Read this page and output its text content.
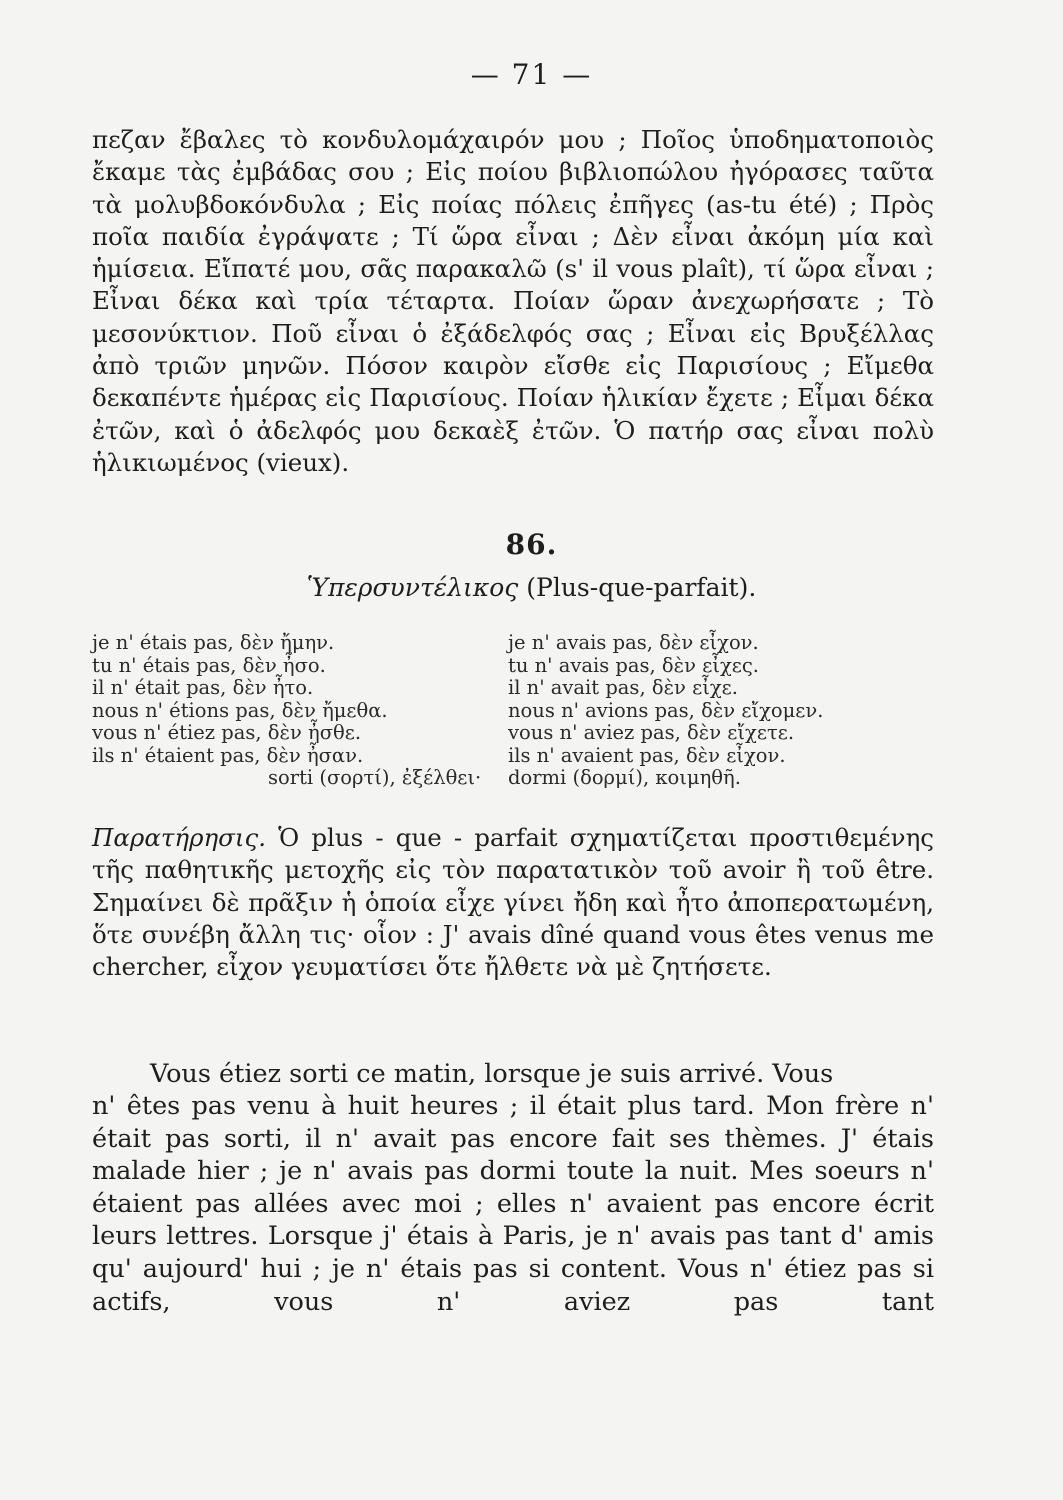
— 71 —
πεζαν ἔβαλες τὸ κονδυλομάχαιρόν μου ; Ποῖος ὑποδηματοποιὸς ἔκαμε τὰς ἐμβάδας σου ; Εἰς ποίου βιβλιοπώλου ἠγόρασες ταῦτα τὰ μολυβδοκόνδυλα ; Εἰς ποίας πόλεις ἐπῆγες (as-tu été) ; Πρὸς ποῖα παιδία ἐγράψατε ; Τί ὥρα εἶναι ; Δὲν εἶναι ἀκόμη μία καὶ ἡμίσεια. Εἴπατέ μου, σᾶς παρακαλῶ (s' il vous plaît), τί ὥρα εἶναι ; Εἶναι δέκα καὶ τρία τέταρτα. Ποίαν ὥραν ἀνεχωρήσατε ; Τὸ μεσονύκτιον. Ποῦ εἶναι ὁ ἐξάδελφός σας ; Εἶναι εἰς Βρυξέλλας ἀπὸ τριῶν μηνῶν. Πόσον καιρὸν εἴσθε εἰς Παρισίους ; Εἴμεθα δεκαπέντε ἡμέρας εἰς Παρισίους. Ποίαν ἡλικίαν ἔχετε ; Εἶμαι δέκα ἐτῶν, καὶ ὁ ἀδελφός μου δεκαὲξ ἐτῶν. Ὁ πατήρ σας εἶναι πολὺ ἡλικιωμένος (vieux).
86.
Ὑπερσυντέλικος (Plus-que-parfait).
je n' étais pas, δὲν ἤμην.
tu n' étais pas, δὲν ἦσο.
il n' était pas, δὲν ἦτο.
nous n' étions pas, δὲν ἤμεθα.
vous n' étiez pas, δὲν ἦσθε.
ils n' étaient pas, δὲν ἦσαν.
sorti (σορτί), ἐξέλθει·
je n' avais pas, δὲν εἶχον.
tu n' avais pas, δὲν εἶχες.
il n' avait pas, δὲν εἶχε.
nous n' avions pas, δὲν εἴχομεν.
vous n' aviez pas, δὲν εἴχετε.
ils n' avaient pas, δὲν εἶχον.
dormi (δορμί), κοιμηθῆ.
Παρατήρησις. Ὁ plus - que - parfait σχηματίζεται προστιθεμένης τῆς παθητικῆς μετοχῆς εἰς τὸν παρατατικὸν τοῦ avoir ἢ τοῦ être. Σημαίνει δὲ πρᾶξιν ἡ ὁποία εἶχε γίνει ἤδη καὶ ἦτο ἀποπερατωμένη, ὅτε συνέβη ἄλλη τις· οἷον : J' avais dîné quand vous êtes venus me chercher, εἶχον γευματίσει ὅτε ἤλθετε νὰ μὲ ζητήσετε.
Vous étiez sorti ce matin, lorsque je suis arrivé. Vous
n' êtes pas venu à huit heures ; il était plus tard. Mon frère n' était pas sorti, il n' avait pas encore fait ses thèmes. J' étais malade hier ; je n' avais pas dormi toute la nuit. Mes soeurs n' étaient pas allées avec moi ; elles n' avaient pas encore écrit leurs lettres. Lorsque j' étais à Paris, je n' avais pas tant d' amis qu' aujourd' hui ; je n' étais pas si content. Vous n' étiez pas si actifs, vous n' aviez pas tant
